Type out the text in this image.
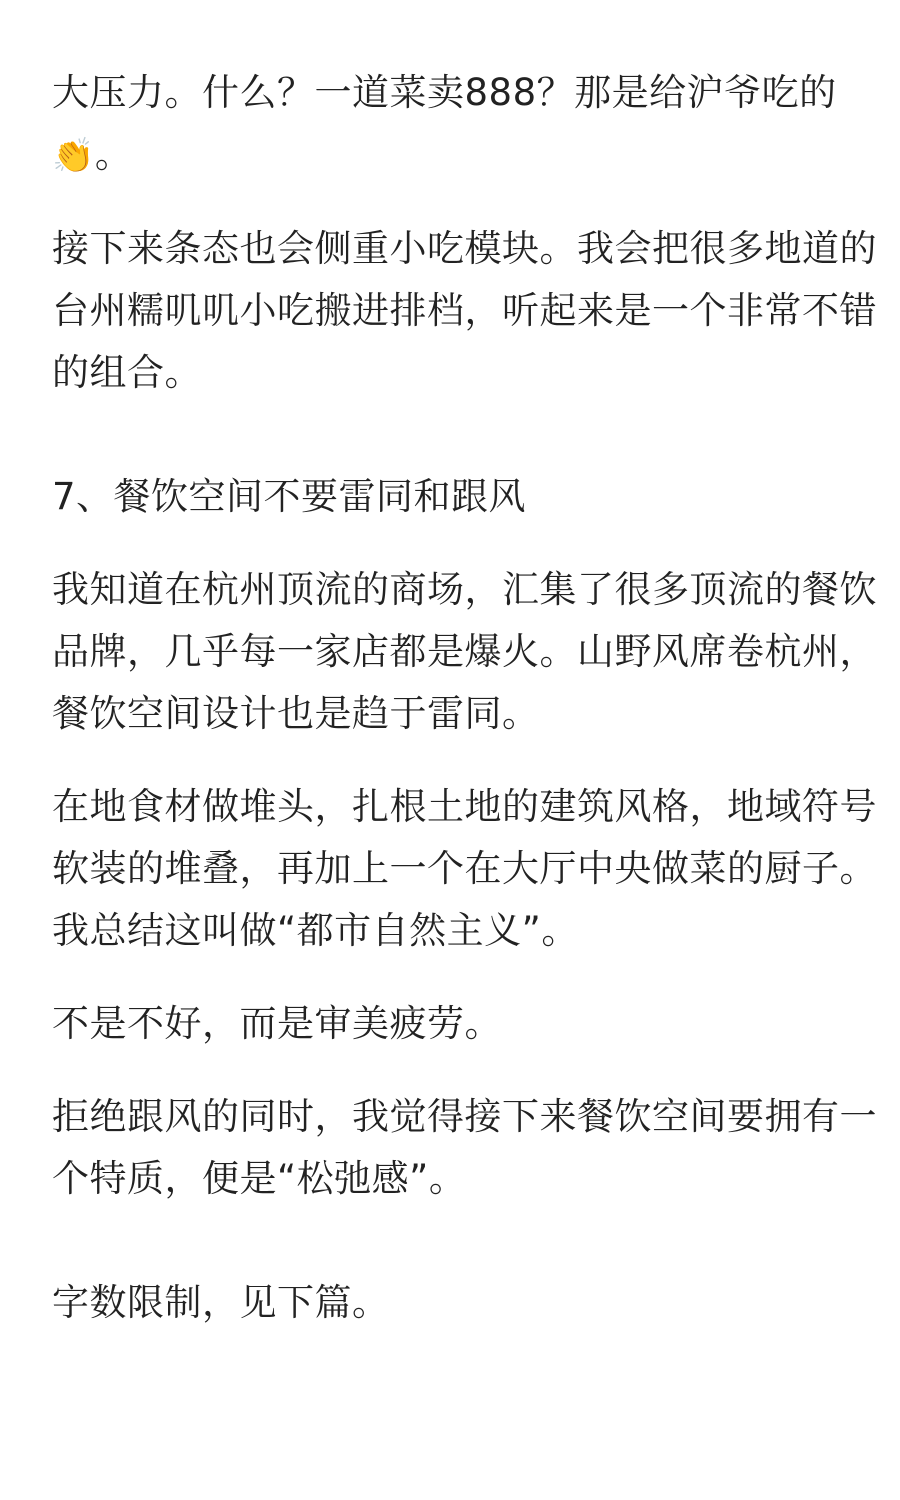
大压力。什么？一道菜卖888？那是给沪爷吃的
👏。

接下来条态也会侧重小吃模块。我会把很多地道的
台州糯叽叽小吃搬进排档，听起来是一个非常不错
的组合。

7、餐饮空间不要雷同和跟风

我知道在杭州顶流的商场，汇集了很多顶流的餐饮
品牌，几乎每一家店都是爆火。山野风席卷杭州，
餐饮空间设计也是趋于雷同。

在地食材做堆头，扎根土地的建筑风格，地域符号
软装的堆叠，再加上一个在大厅中央做菜的厨子。
我总结这叫做“都市自然主义”。

不是不好，而是审美疲劳。

拒绝跟风的同时，我觉得接下来餐饮空间要拥有一
个特质，便是“松弛感”。

字数限制，见下篇。
